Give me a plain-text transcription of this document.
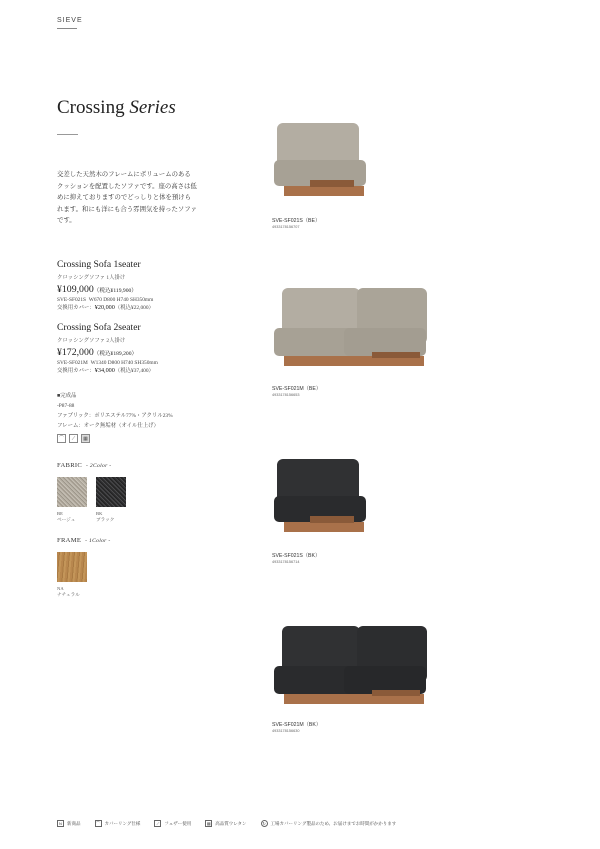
SIEVE
Crossing Series
交差した天然木のフレームにボリュームのあるクッションを配置したソファです。座の高さは低めに抑えておりますのでどっしりと体を預けられます。和にも洋にも合う雰囲気を持ったソファです。
Crossing Sofa 1seater
クロッシングソファ 1人掛け
¥109,000（税込¥119,900）
SVE-SF021S W670 D800 H740 SH350mm
交換用カバー：¥20,000（税込¥22,000）
Crossing Sofa 2seater
クロッシングソファ 2人掛け
¥172,000（税込¥189,200）
SVE-SF021M W1340 D800 H740 SH350mm
交換用カバー：¥34,000（税込¥37,400）
■完成品
-P87-88
ファブリック：ポリエステル77%・アクリル23%
フレーム：オーク無垢材（オイル仕上げ）
⌒	⟋	▦
FABRIC - 2Color -
BE
ベージュ
BK
ブラック
FRAME - 1Color -
NA
ナチュラル
SVE-SF021S（BE）
4933178156707
SVE-SF021M（BE）
4933178156653
SVE-SF021S（BK）
4933178156714
SVE-SF021M（BK）
4933178156630
N	新商品	⌒	カバーリング仕様	⟋	フェザー使用	▦	高品質ウレタン	↻	工場カバーリング製品のため、お届けまでお時間がかかります
